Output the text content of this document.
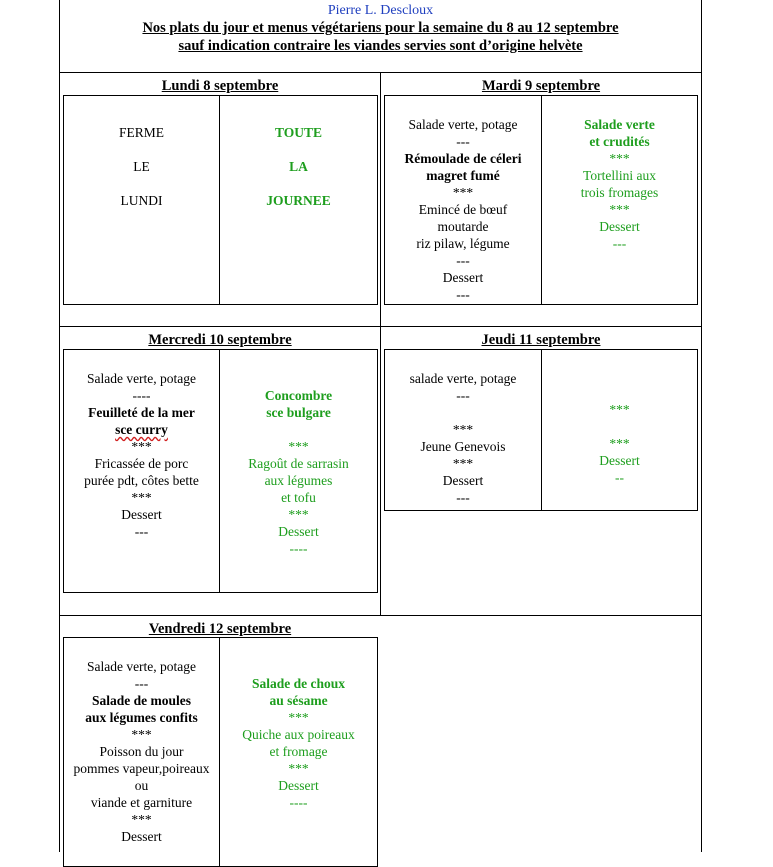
Pierre L. Descloux
Nos plats du jour et menus végétariens pour la semaine du 8 au 12 septembre
sauf indication contraire les viandes servies sont d’origine helvète
Lundi 8 septembre
FERME
LE
LUNDI
TOUTE
LA
JOURNEE
Mardi 9 septembre
Salade verte, potage
---
Rémoulade de céleri
magret fumé
***
Emincé de bœuf
moutarde
riz pilaw, légume
---
Dessert
---
Salade verte
et crudités
***
Tortellini aux
trois fromages
***
Dessert
---
Mercredi 10 septembre
Salade verte, potage
----
Feuilleté de la mer
sce curry
***
Fricassée de porc
purée pdt, côtes bette
***
Dessert
---
Concombre
sce bulgare
***
Ragoût de sarrasin
aux légumes
et tofu
***
Dessert
----
Jeudi 11 septembre
salade verte, potage
---
***
Jeune Genevois
***
Dessert
---
***
***
Dessert
--
Vendredi 12 septembre
Salade verte, potage
---
Salade de moules
aux légumes confits
***
Poisson du jour
pommes vapeur,poireaux
ou
viande et garniture
***
Dessert
Salade de choux
au sésame
***
Quiche aux poireaux
et fromage
***
Dessert
----
